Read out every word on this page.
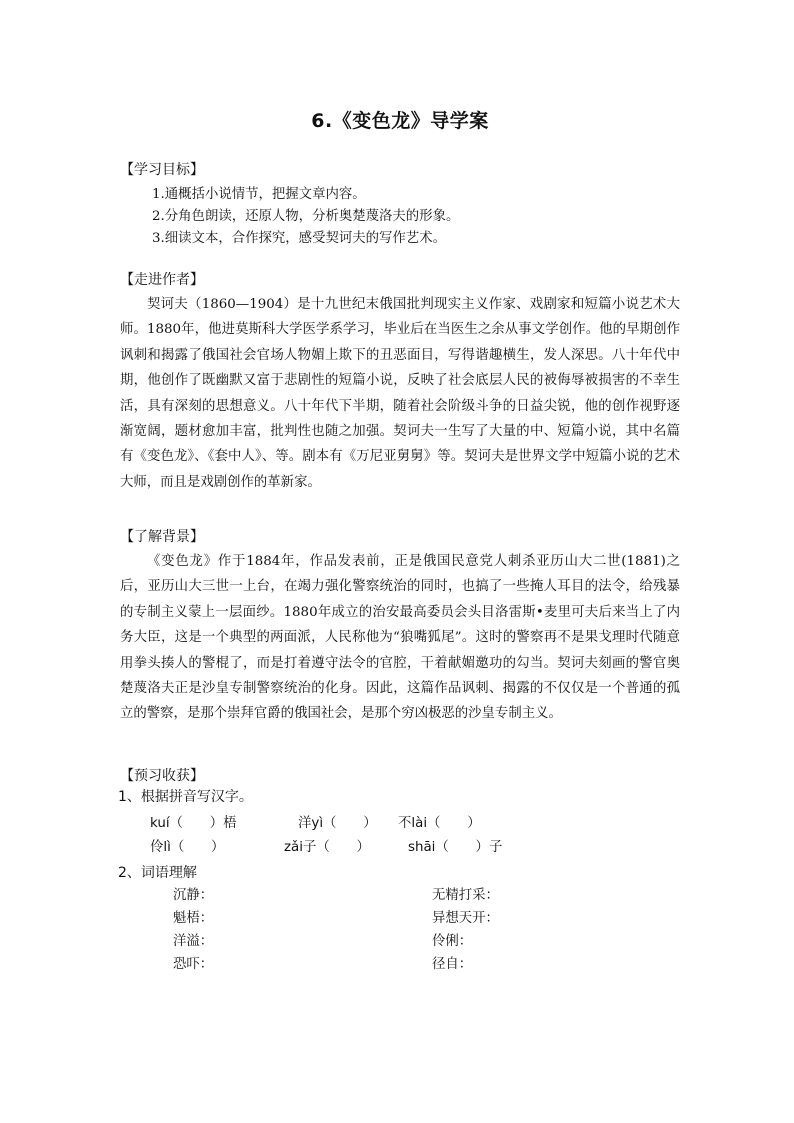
6.《变色龙》导学案
【学习目标】
1.通概括小说情节，把握文章内容。
2.分角色朗读，还原人物，分析奥楚蔑洛夫的形象。
3.细读文本，合作探究，感受契诃夫的写作艺术。
【走进作者】

契诃夫（1860—1904）是十九世纪末俄国批判现实主义作家、戏剧家和短篇小说艺术大师。1880年，他进莫斯科大学医学系学习，毕业后在当医生之余从事文学创作。他的早期创作讽刺和揭露了俄国社会官场人物媚上欺下的丑恶面目，写得谐趣横生，发人深思。八十年代中期，他创作了既幽默又富于悲剧性的短篇小说，反映了社会底层人民的被侮辱被损害的不幸生活，具有深刻的思想意义。八十年代下半期，随着社会阶级斗争的日益尖锐，他的创作视野逐渐宽阔，题材愈加丰富，批判性也随之加强。契诃夫一生写了大量的中、短篇小说，其中名篇有《变色龙》、《套中人》、等。剧本有《万尼亚舅舅》等。契诃夫是世界文学中短篇小说的艺术大师，而且是戏剧创作的革新家。

【了解背景】

《变色龙》作于1884年，作品发表前，正是俄国民意党人刺杀亚历山大二世(1881)之后，亚历山大三世一上台，在竭力强化警察统治的同时，也搞了一些掩人耳目的法令，给残暴的专制主义蒙上一层面纱。1880年成立的治安最高委员会头目洛雷斯•麦里可夫后来当上了内务大臣，这是一个典型的两面派，人民称他为“狼嘴狐尾”。这时的警察再不是果戈理时代随意用拳头揍人的警棍了，而是打着遵守法令的官腔，干着献媚邀功的勾当。契诃夫刻画的警官奥楚蔑洛夫正是沙皇专制警察统治的化身。因此，这篇作品讽刺、揭露的不仅仅是一个普通的孤立的警察，是那个崇拜官爵的俄国社会，是那个穷凶极恶的沙皇专制主义。

【预习收获】
1、根据拼音写汉字。
kuí（　　）梧	洋yì（　　） 不lài（　　）
伶lì（　　）	zǎi子（　　）	shāi（　　）子
2、词语理解
沉静：	无精打采：
魁梧：	异想天开：
洋溢：	伶俐：
恐吓：	径自：
